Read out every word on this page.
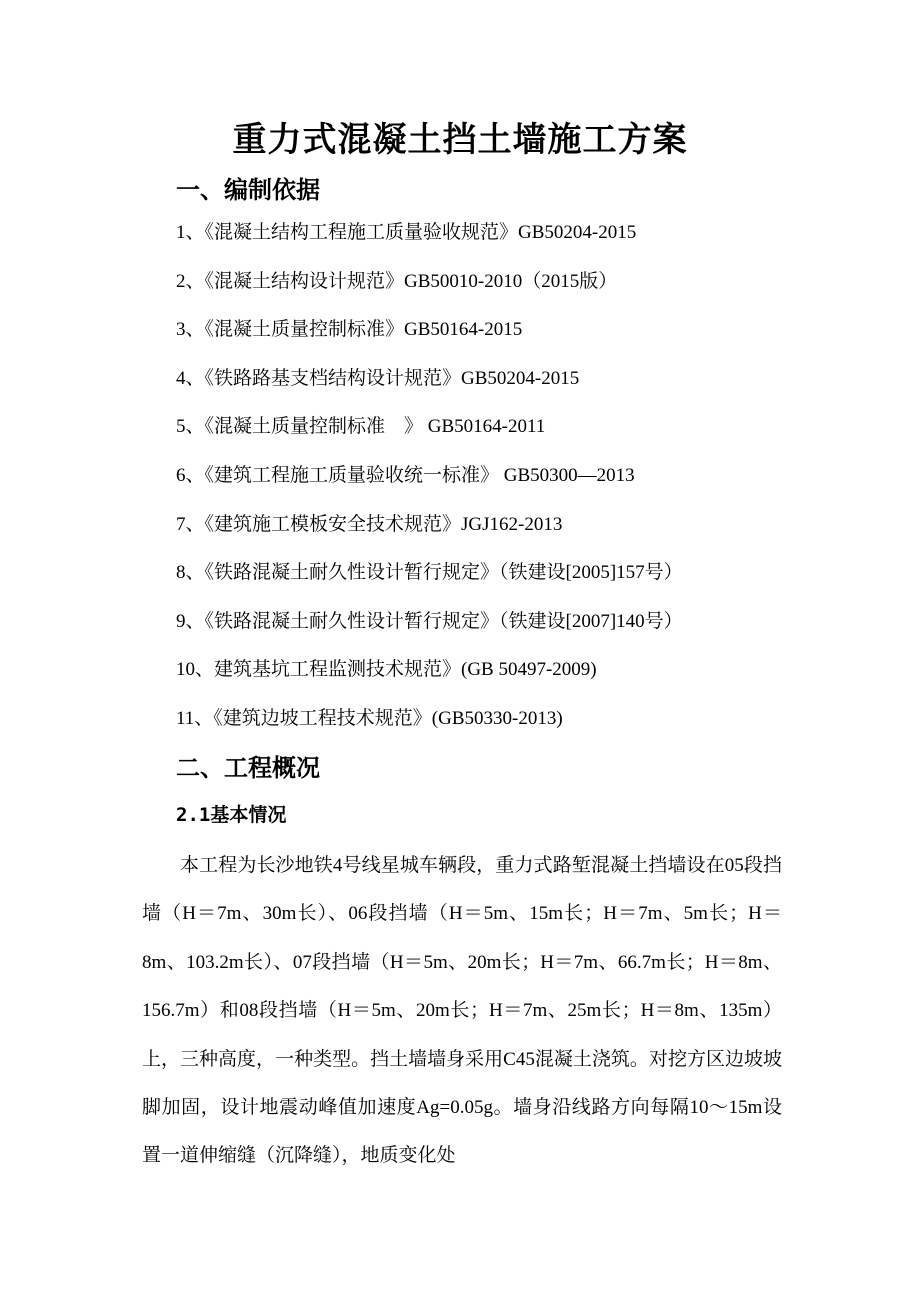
重力式混凝土挡土墙施工方案
一、编制依据
1、《混凝土结构工程施工质量验收规范》GB50204-2015
2、《混凝土结构设计规范》GB50010-2010（2015版）
3、《混凝土质量控制标准》GB50164-2015
4、《铁路路基支档结构设计规范》GB50204-2015
5、《混凝土质量控制标准　》 GB50164-2011
6、《建筑工程施工质量验收统一标准》 GB50300—2013
7、《建筑施工模板安全技术规范》JGJ162-2013
8、《铁路混凝土耐久性设计暂行规定》（铁建设[2005]157号）
9、《铁路混凝土耐久性设计暂行规定》（铁建设[2007]140号）
10、建筑基坑工程监测技术规范》(GB 50497-2009)
11、《建筑边坡工程技术规范》(GB50330-2013)
二、工程概况
2.1基本情况

本工程为长沙地铁4号线星城车辆段，重力式路堑混凝土挡墙设在05段挡墙（H＝7m、30m长）、06段挡墙（H＝5m、15m长；H＝7m、5m长；H＝8m、103.2m长）、07段挡墙（H＝5m、20m长；H＝7m、66.7m长；H＝8m、156.7m）和08段挡墙（H＝5m、20m长；H＝7m、25m长；H＝8m、135m）上，三种高度，一种类型。挡土墙墙身采用C45混凝土浇筑。对挖方区边坡坡脚加固，设计地震动峰值加速度Ag=0.05g。墙身沿线路方向每隔10～15m设置一道伸缩缝（沉降缝），地质变化处
